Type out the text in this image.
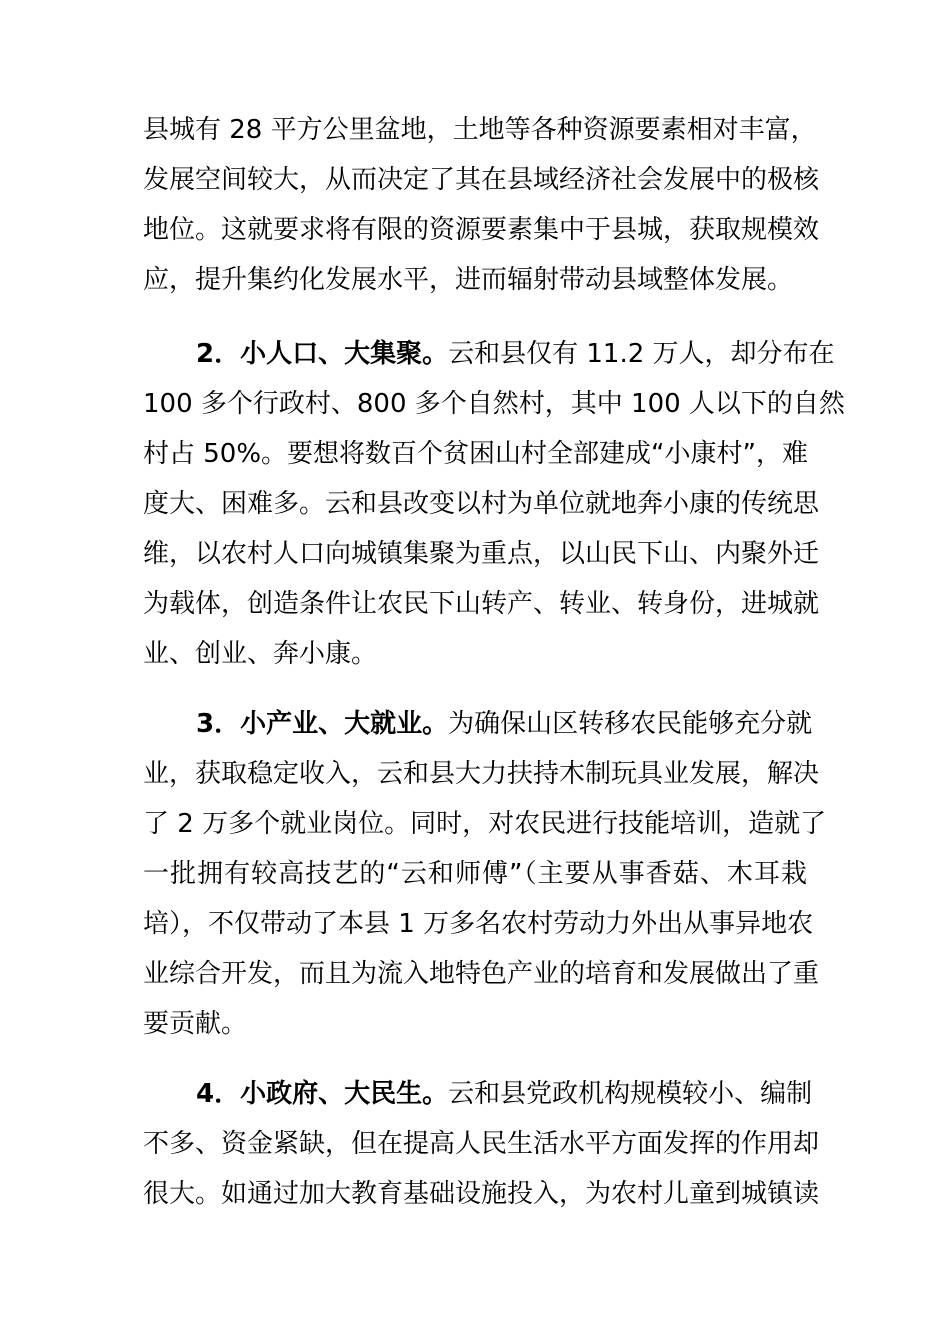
县城有 28 平方公里盆地，土地等各种资源要素相对丰富，
发展空间较大，从而决定了其在县域经济社会发展中的极核
地位。这就要求将有限的资源要素集中于县城，获取规模效
应，提升集约化发展水平，进而辐射带动县域整体发展。
2．小人口、大集聚。云和县仅有 11.2 万人，却分布在
100 多个行政村、800 多个自然村，其中 100 人以下的自然
村占 50%。要想将数百个贫困山村全部建成“小康村”，难
度大、困难多。云和县改变以村为单位就地奔小康的传统思
维，以农村人口向城镇集聚为重点，以山民下山、内聚外迁
为载体，创造条件让农民下山转产、转业、转身份，进城就
业、创业、奔小康。
3．小产业、大就业。为确保山区转移农民能够充分就
业，获取稳定收入，云和县大力扶持木制玩具业发展，解决
了 2 万多个就业岗位。同时，对农民进行技能培训，造就了
一批拥有较高技艺的“云和师傅”（主要从事香菇、木耳栽
培），不仅带动了本县 1 万多名农村劳动力外出从事异地农
业综合开发，而且为流入地特色产业的培育和发展做出了重
要贡献。
4．小政府、大民生。云和县党政机构规模较小、编制
不多、资金紧缺，但在提高人民生活水平方面发挥的作用却
很大。如通过加大教育基础设施投入，为农村儿童到城镇读
